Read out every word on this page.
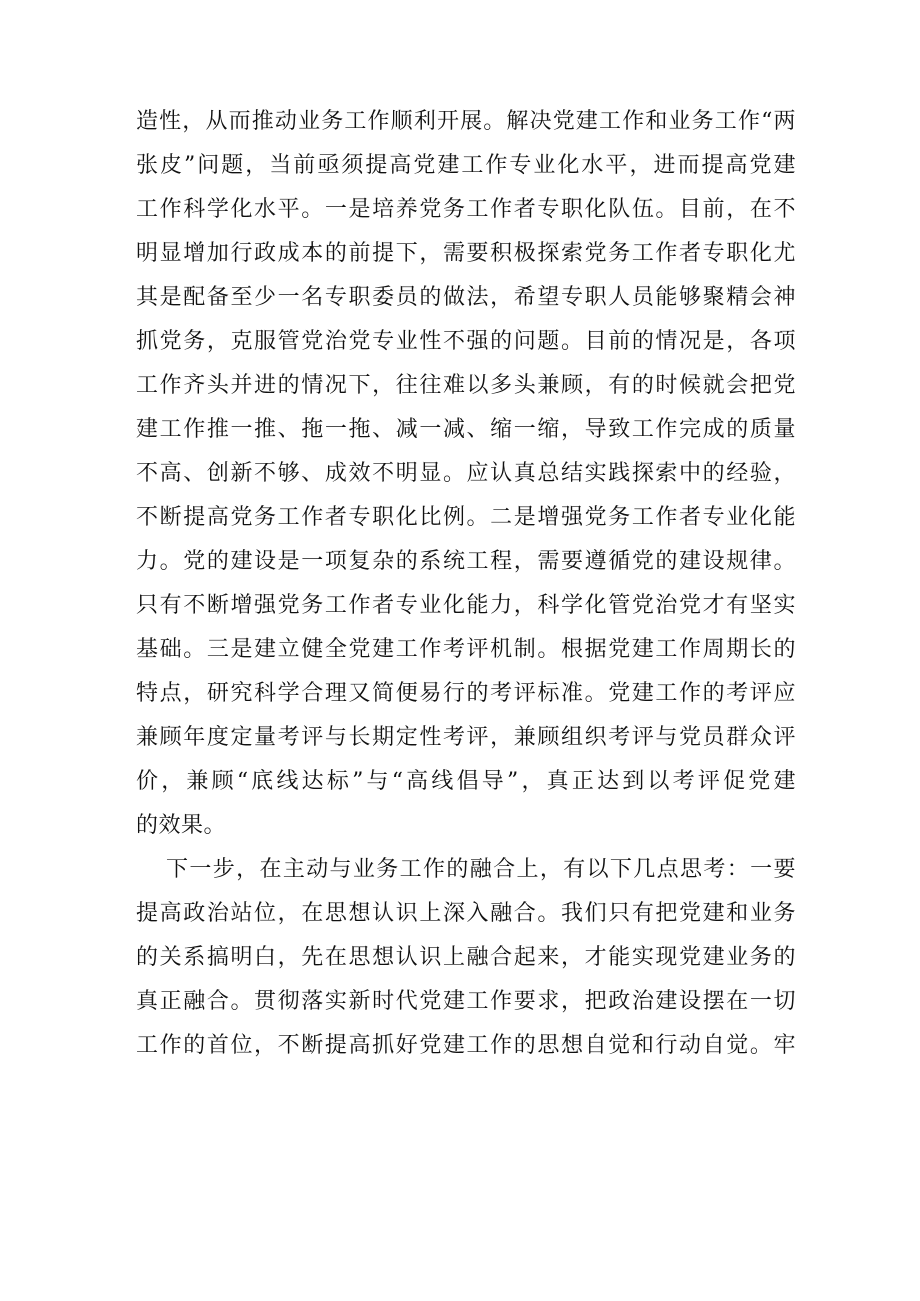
造性，从而推动业务工作顺利开展。解决党建工作和业务工作“两
张皮”问题，当前亟须提高党建工作专业化水平，进而提高党建
工作科学化水平。一是培养党务工作者专职化队伍。目前，在不
明显增加行政成本的前提下，需要积极探索党务工作者专职化尤
其是配备至少一名专职委员的做法，希望专职人员能够聚精会神
抓党务，克服管党治党专业性不强的问题。目前的情况是，各项
工作齐头并进的情况下，往往难以多头兼顾，有的时候就会把党
建工作推一推、拖一拖、减一减、缩一缩，导致工作完成的质量
不高、创新不够、成效不明显。应认真总结实践探索中的经验，
不断提高党务工作者专职化比例。二是增强党务工作者专业化能
力。党的建设是一项复杂的系统工程，需要遵循党的建设规律。
只有不断增强党务工作者专业化能力，科学化管党治党才有坚实
基础。三是建立健全党建工作考评机制。根据党建工作周期长的
特点，研究科学合理又简便易行的考评标准。党建工作的考评应
兼顾年度定量考评与长期定性考评，兼顾组织考评与党员群众评
价，兼顾“底线达标”与“高线倡导”，真正达到以考评促党建
的效果。
下一步，在主动与业务工作的融合上，有以下几点思考：一要
提高政治站位，在思想认识上深入融合。我们只有把党建和业务
的关系搞明白，先在思想认识上融合起来，才能实现党建业务的
真正融合。贯彻落实新时代党建工作要求，把政治建设摆在一切
工作的首位，不断提高抓好党建工作的思想自觉和行动自觉。牢
